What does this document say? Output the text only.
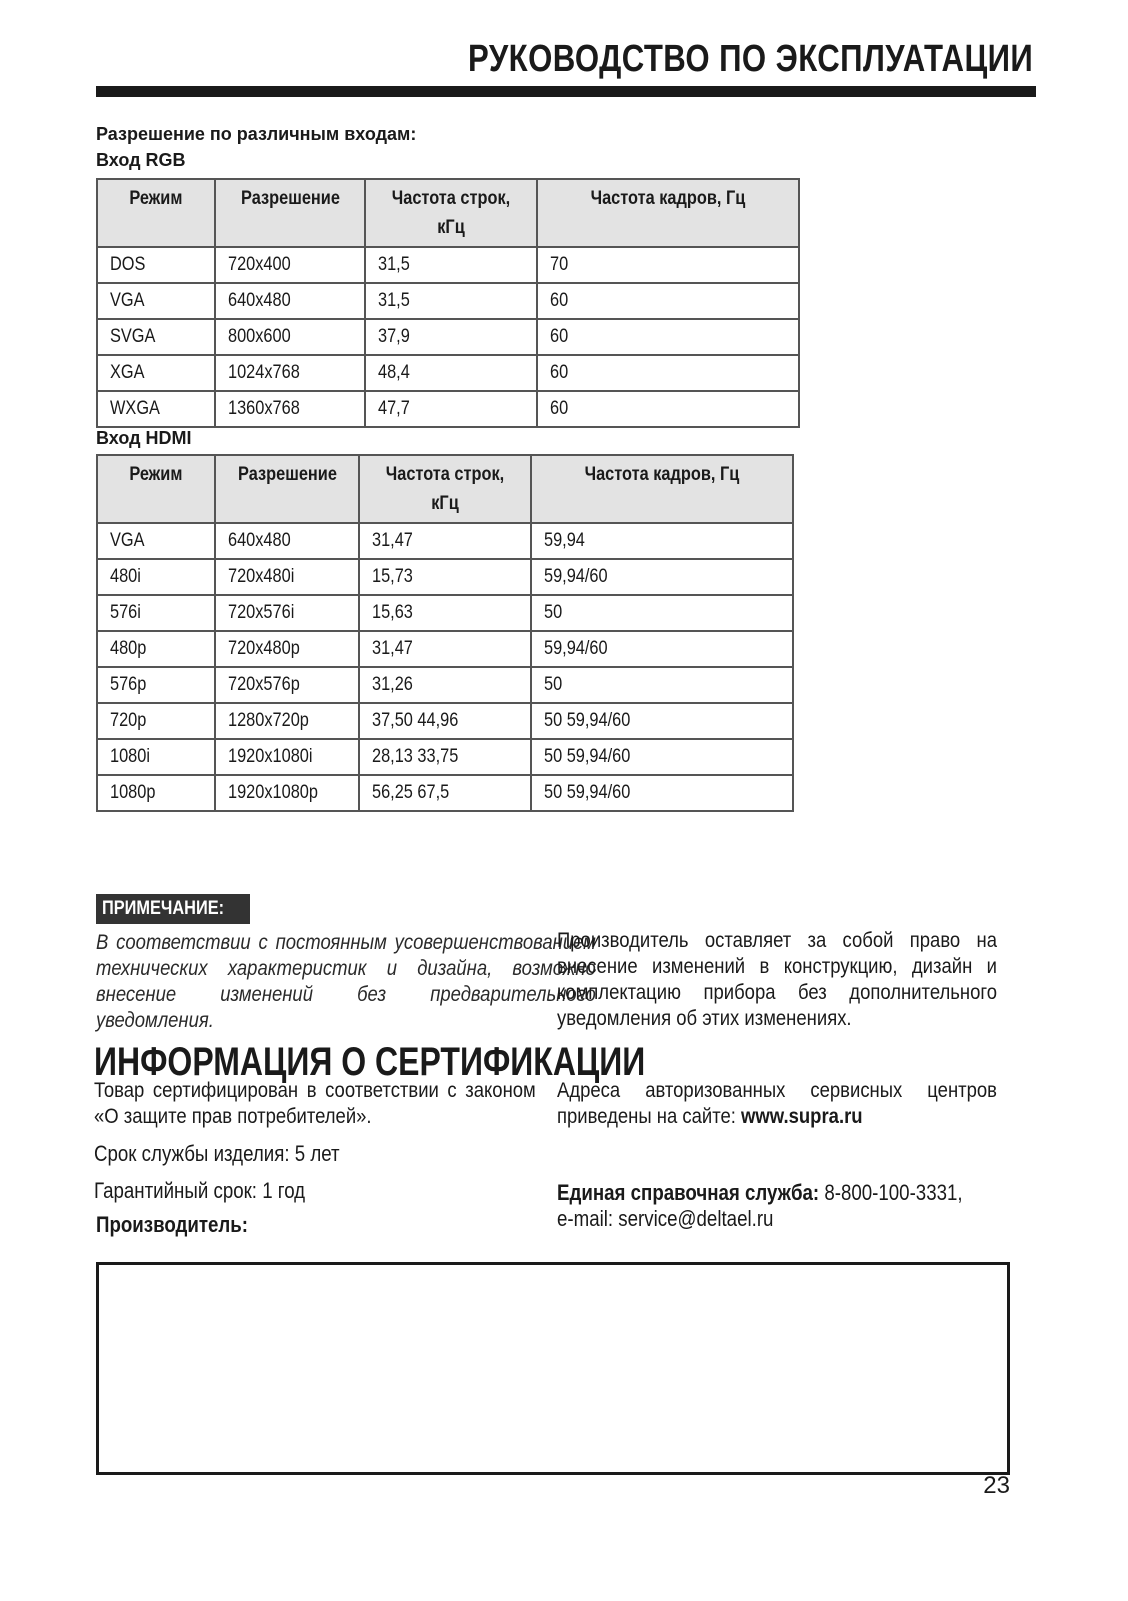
РУКОВОДСТВО ПО ЭКСПЛУАТАЦИИ
Разрешение по различным входам:
Вход RGB
Режим	Разрешение	Частота строк, кГц	Частота кадров, Гц
DOS	720x400	31,5	70
VGA	640x480	31,5	60
SVGA	800x600	37,9	60
XGA	1024x768	48,4	60
WXGA	1360x768	47,7	60
Вход HDMI
Режим	Разрешение	Частота строк, кГц	Частота кадров, Гц
VGA	640x480	31,47	59,94
480i	720x480i	15,73	59,94/60
576i	720x576i	15,63	50
480p	720x480p	31,47	59,94/60
576p	720x576p	31,26	50
720p	1280x720p	37,50 44,96	50 59,94/60
1080i	1920x1080i	28,13 33,75	50 59,94/60
1080p	1920x1080p	56,25 67,5	50 59,94/60
ПРИМЕЧАНИЕ:
В соответствии с постоянным усовершенствованием технических характеристик и дизайна, возможно внесение изменений без предварительного уведомления.
Производитель оставляет за собой право на внесение изменений в конструкцию, дизайн и комплектацию прибора без дополнительного уведомления об этих изменениях.
ИНФОРМАЦИЯ О СЕРТИФИКАЦИИ
Товар сертифицирован в соответствии с законом «О защите прав потребителей».
Срок службы изделия: 5 лет
Гарантийный срок: 1 год
Производитель:
Адреса авторизованных сервисных центров приведены на сайте: www.supra.ru
Единая справочная служба: 8-800-100-3331,
e-mail: service@deltael.ru
23
